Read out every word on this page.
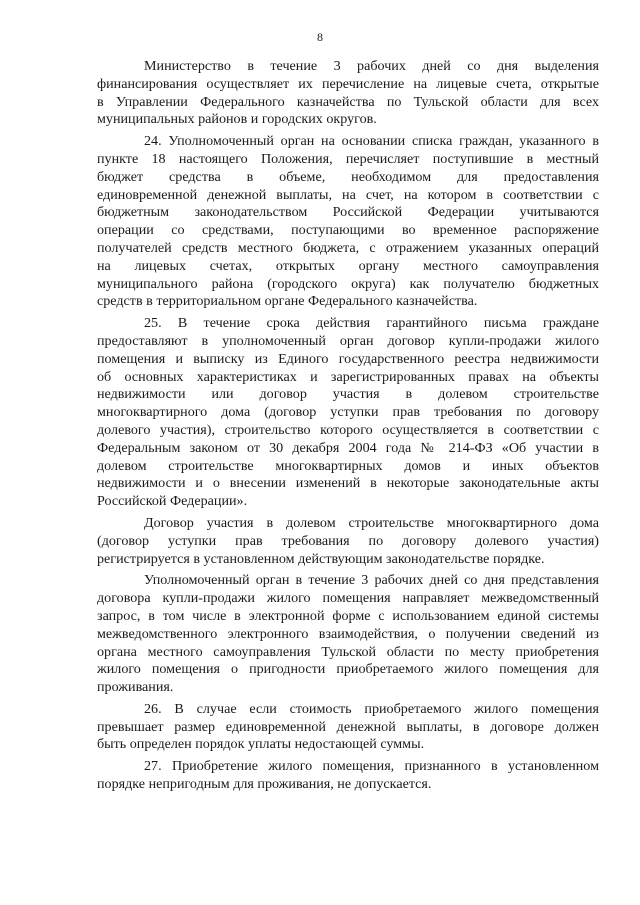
8
Министерство в течение 3 рабочих дней со дня выделения
финансирования осуществляет их перечисление на лицевые счета, открытые
в Управлении Федерального казначейства по Тульской области для всех
муниципальных районов и городских округов.
24. Уполномоченный орган на основании списка граждан, указанного в
пункте 18 настоящего Положения, перечисляет поступившие в местный
бюджет средства в объеме, необходимом для предоставления
единовременной денежной выплаты, на счет, на котором в соответствии с
бюджетным законодательством Российской Федерации учитываются
операции со средствами, поступающими во временное распоряжение
получателей средств местного бюджета, с отражением указанных операций
на лицевых счетах, открытых органу местного самоуправления
муниципального района (городского округа) как получателю бюджетных
средств в территориальном органе Федерального казначейства.
25. В течение срока действия гарантийного письма граждане
предоставляют в уполномоченный орган договор купли-продажи жилого
помещения и выписку из Единого государственного реестра недвижимости
об основных характеристиках и зарегистрированных правах на объекты
недвижимости или договор участия в долевом строительстве
многоквартирного дома (договор уступки прав требования по договору
долевого участия), строительство которого осуществляется в соответствии с
Федеральным законом от 30 декабря 2004 года № 214-ФЗ «Об участии в
долевом строительстве многоквартирных домов и иных объектов
недвижимости и о внесении изменений в некоторые законодательные акты
Российской Федерации».
Договор участия в долевом строительстве многоквартирного дома
(договор уступки прав требования по договору долевого участия)
регистрируется в установленном действующим законодательстве порядке.
Уполномоченный орган в течение 3 рабочих дней со дня представления
договора купли-продажи жилого помещения направляет межведомственный
запрос, в том числе в электронной форме с использованием единой системы
межведомственного электронного взаимодействия, о получении сведений из
органа местного самоуправления Тульской области по месту приобретения
жилого помещения о пригодности приобретаемого жилого помещения для
проживания.
26. В случае если стоимость приобретаемого жилого помещения
превышает размер единовременной денежной выплаты, в договоре должен
быть определен порядок уплаты недостающей суммы.
27. Приобретение жилого помещения, признанного в установленном
порядке непригодным для проживания, не допускается.
